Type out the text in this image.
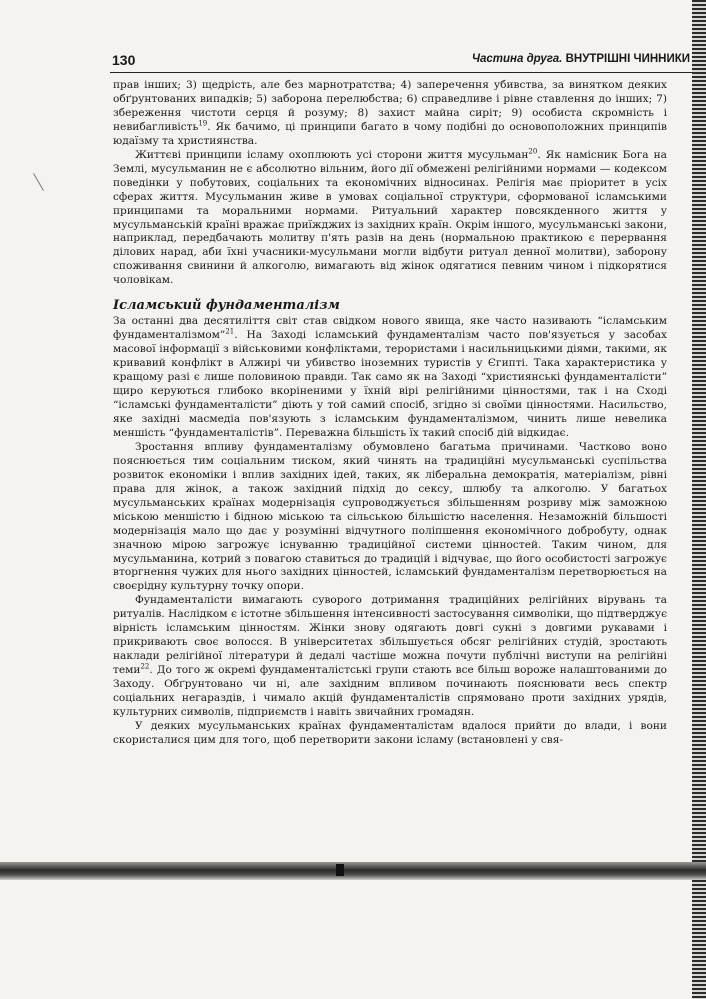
130	Частина друга. ВНУТРІШНІ ЧИННИКИ

прав інших; 3) щедрість, але без марнотратства; 4) заперечення убивства, за винятком деяких обґрунтованих випадків; 5) заборона перелюбства; 6) справедливе і рівне ставлення до інших; 7) збереження чистоти серця й розуму; 8) захист майна сиріт; 9) особиста скромність і невибагливість$^{19}$. Як бачимо, ці принципи багато в чому подібні до основоположних принципів юдаїзму та християнства.

Життєві принципи ісламу охоплюють усі сторони життя мусульман$^{20}$. Як намісник Бога на Землі, мусульманин не є абсолютно вільним, його дії обмежені релігійними нормами — кодексом поведінки у побутових, соціальних та економічних відносинах. Релігія має пріоритет в усіх сферах життя. Мусульманин живе в умовах соціальної структури, сформованої ісламськими принципами та моральними нормами. Ритуальний характер повсякденного життя у мусульманській країні вражає приїжджих із західних країн. Окрім іншого, мусульманські закони, наприклад, передбачають молитву п'ять разів на день (нормальною практикою є перервання ділових нарад, аби їхні учасники-мусульмани могли відбути ритуал денної молитви), заборону споживання свинини й алкоголю, вимагають від жінок одягатися певним чином і підкорятися чоловікам.

Ісламський фундаменталізм

За останні два десятиліття світ став свідком нового явища, яке часто називають “ісламським фундаменталізмом”$^{21}$. На Заході ісламський фундаменталізм часто пов'язується у засобах масової інформації з військовими конфліктами, терористами і насильницькими діями, такими, як кривавий конфлікт в Алжирі чи убивство іноземних туристів у Єгипті. Така характеристика у кращому разі є лише половиною правди. Так само як на Заході “християнські фундаменталісти” щиро керуються глибоко вкоріненими у їхній вірі релігійними цінностями, так і на Сході “ісламські фундаменталісти” діють у той самий спосіб, згідно зі своїми цінностями. Насильство, яке західні масмедіа пов'язують з ісламським фундаменталізмом, чинить лише невелика меншість “фундаменталістів”. Переважна більшість їх такий спосіб дій відкидає.

Зростання впливу фундаменталізму обумовлено багатьма причинами. Частково воно пояснюється тим соціальним тиском, який чинять на традиційні мусульманські суспільства розвиток економіки і вплив західних ідей, таких, як ліберальна демократія, матеріалізм, рівні права для жінок, а також західний підхід до сексу, шлюбу та алкоголю. У багатьох мусульманських країнах модернізація супроводжується збільшенням розриву між заможною міською меншістю і бідною міською та сільською більшістю населення. Незаможній більшості модернізація мало що дає у розумінні відчутного поліпшення економічного добробуту, однак значною мірою загрожує існуванню традиційної системи цінностей. Таким чином, для мусульманина, котрий з повагою ставиться до традицій і відчуває, що його особистості загрожує вторгнення чужих для нього західних цінностей, ісламський фундаменталізм перетворюється на своєрідну культурну точку опори.

Фундаменталісти вимагають суворого дотримання традиційних релігійних вірувань та ритуалів. Наслідком є істотне збільшення інтенсивності застосування символіки, що підтверджує вірність ісламським цінностям. Жінки знову одягають довгі сукні з довгими рукавами і прикривають своє волосся. В університетах збільшується обсяг релігійних студій, зростають наклади релігійної літератури й дедалі частіше можна почути публічні виступи на релігійні теми$^{22}$. До того ж окремі фундаменталістські групи стають все більш вороже налаштованими до Заходу. Обґрунтовано чи ні, але західним впливом починають пояснювати весь спектр соціальних негараздів, і чимало акцій фундаменталістів спрямовано проти західних урядів, культурних символів, підприємств і навіть звичайних громадян.

У деяких мусульманських країнах фундаменталістам вдалося прийти до влади, і вони скористалися цим для того, щоб перетворити закони ісламу (встановлені у свя-
